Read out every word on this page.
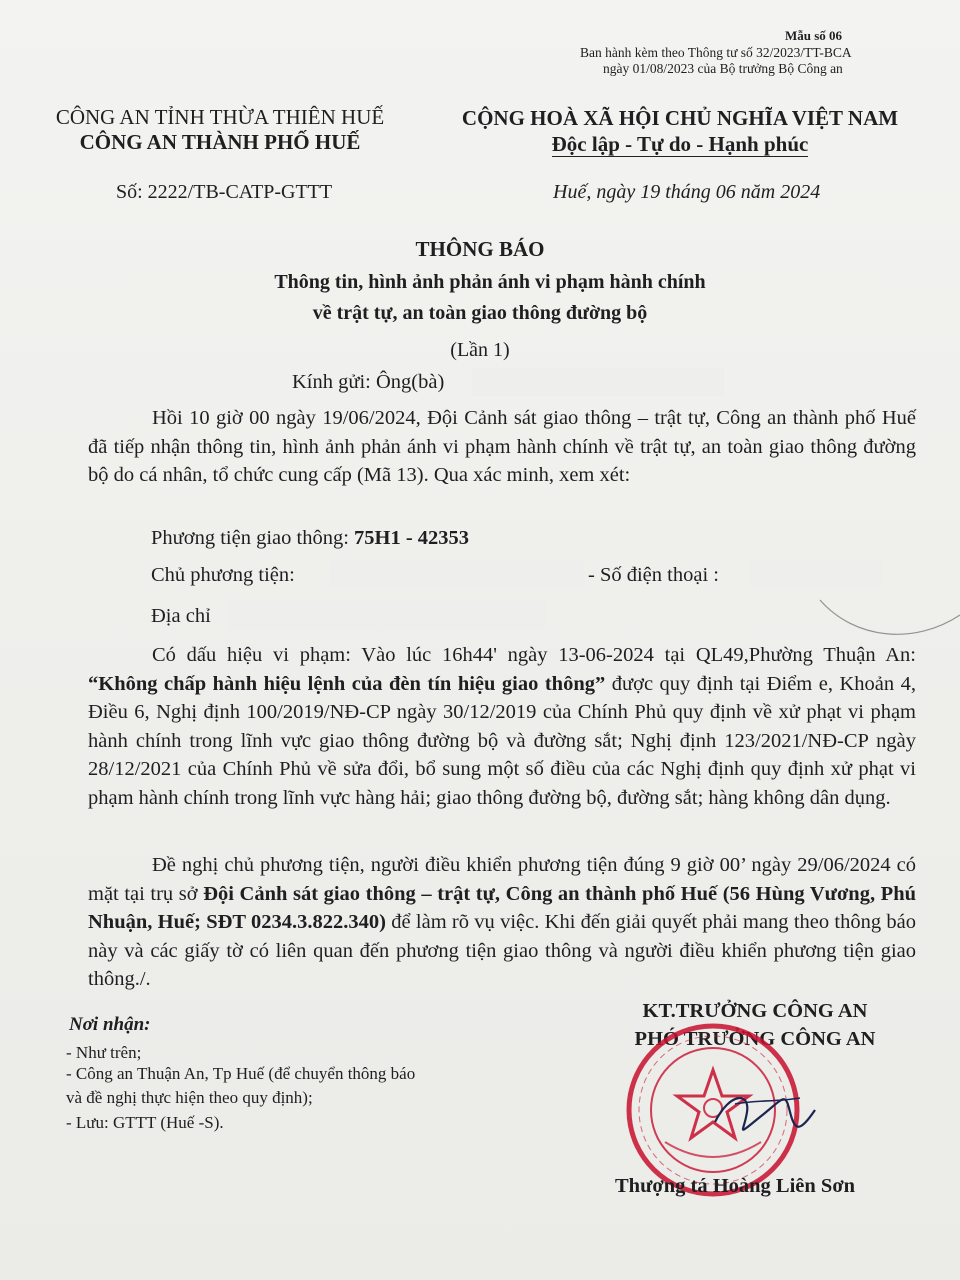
Mẫu số 06
Ban hành kèm theo Thông tư số 32/2023/TT-BCA
ngày 01/08/2023 của Bộ trưởng Bộ Công an
CÔNG AN TỈNH THỪA THIÊN HUẾ
CÔNG AN THÀNH PHỐ HUẾ
CỘNG HOÀ XÃ HỘI CHỦ NGHĨA VIỆT NAM
Độc lập - Tự do - Hạnh phúc
Số: 2222/TB-CATP-GTTT	Huế, ngày 19 tháng 06 năm 2024
THÔNG BÁO
Thông tin, hình ảnh phản ánh vi phạm hành chính
về trật tự, an toàn giao thông đường bộ
(Lần 1)
Kính gửi: Ông(bà)
Hồi 10 giờ 00 ngày 19/06/2024, Đội Cảnh sát giao thông – trật tự, Công an thành phố Huế đã tiếp nhận thông tin, hình ảnh phản ánh vi phạm hành chính về trật tự, an toàn giao thông đường bộ do cá nhân, tổ chức cung cấp (Mã 13). Qua xác minh, xem xét:
Phương tiện giao thông: 75H1 - 42353
Chủ phương tiện:	- Số điện thoại :
Địa chỉ
Có dấu hiệu vi phạm: Vào lúc 16h44' ngày 13-06-2024 tại QL49,Phường Thuận An: “Không chấp hành hiệu lệnh của đèn tín hiệu giao thông” được quy định tại Điểm e, Khoản 4, Điều 6, Nghị định 100/2019/NĐ-CP ngày 30/12/2019 của Chính Phủ quy định về xử phạt vi phạm hành chính trong lĩnh vực giao thông đường bộ và đường sắt; Nghị định 123/2021/NĐ-CP ngày 28/12/2021 của Chính Phủ về sửa đổi, bổ sung một số điều của các Nghị định quy định xử phạt vi phạm hành chính trong lĩnh vực hàng hải; giao thông đường bộ, đường sắt; hàng không dân dụng.
Đề nghị chủ phương tiện, người điều khiển phương tiện đúng 9 giờ 00’ ngày 29/06/2024 có mặt tại trụ sở Đội Cảnh sát giao thông – trật tự, Công an thành phố Huế (56 Hùng Vương, Phú Nhuận, Huế; SĐT 0234.3.822.340) để làm rõ vụ việc. Khi đến giải quyết phải mang theo thông báo này và các giấy tờ có liên quan đến phương tiện giao thông và người điều khiển phương tiện giao thông./.
Nơi nhận:
- Như trên;
- Công an Thuận An, Tp Huế (để chuyển thông báo
và đề nghị thực hiện theo quy định);
- Lưu: GTTT (Huế -S).
KT.TRƯỞNG CÔNG AN
PHÓ TRƯỞNG CÔNG AN
Thượng tá Hoàng Liên Sơn
